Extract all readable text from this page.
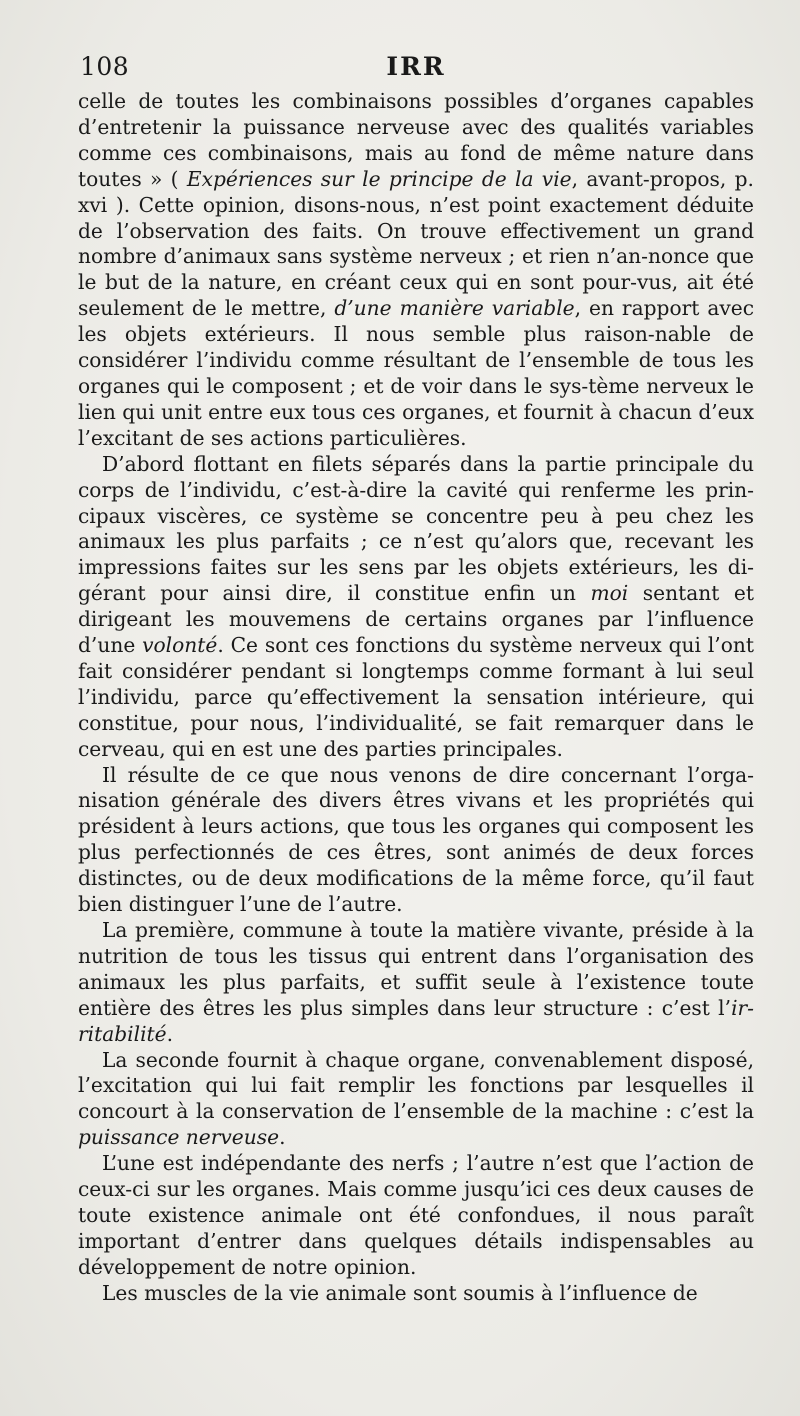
108	IRR

celle de toutes les combinaisons possibles d’organes capables d’entretenir la puissance nerveuse avec des qualités variables comme ces combinaisons, mais au fond de même nature dans toutes » ( Expériences sur le principe de la vie, avant-propos, p. xvi ). Cette opinion, disons-nous, n’est point exactement déduite de l’observation des faits. On trouve effectivement un grand nombre d’animaux sans système nerveux ; et rien n’an-nonce que le but de la nature, en créant ceux qui en sont pour-vus, ait été seulement de le mettre, d’une manière variable, en rapport avec les objets extérieurs. Il nous semble plus raison-nable de considérer l’individu comme résultant de l’ensemble de tous les organes qui le composent ; et de voir dans le sys-tème nerveux le lien qui unit entre eux tous ces organes, et fournit à chacun d’eux l’excitant de ses actions particulières.

D’abord flottant en filets séparés dans la partie principale du corps de l’individu, c’est-à-dire la cavité qui renferme les prin-cipaux viscères, ce système se concentre peu à peu chez les animaux les plus parfaits ; ce n’est qu’alors que, recevant les impressions faites sur les sens par les objets extérieurs, les di-gérant pour ainsi dire, il constitue enfin un moi sentant et dirigeant les mouvemens de certains organes par l’influence d’une volonté. Ce sont ces fonctions du système nerveux qui l’ont fait considérer pendant si longtemps comme formant à lui seul l’individu, parce qu’effectivement la sensation intérieure, qui constitue, pour nous, l’individualité, se fait remarquer dans le cerveau, qui en est une des parties principales.

Il résulte de ce que nous venons de dire concernant l’orga-nisation générale des divers êtres vivans et les propriétés qui président à leurs actions, que tous les organes qui composent les plus perfectionnés de ces êtres, sont animés de deux forces distinctes, ou de deux modifications de la même force, qu’il faut bien distinguer l’une de l’autre.

La première, commune à toute la matière vivante, préside à la nutrition de tous les tissus qui entrent dans l’organisation des animaux les plus parfaits, et suffit seule à l’existence toute entière des êtres les plus simples dans leur structure : c’est l’ir-ritabilité.

La seconde fournit à chaque organe, convenablement disposé, l’excitation qui lui fait remplir les fonctions par lesquelles il concourt à la conservation de l’ensemble de la machine : c’est la puissance nerveuse.

L’une est indépendante des nerfs ; l’autre n’est que l’action de ceux-ci sur les organes. Mais comme jusqu’ici ces deux causes de toute existence animale ont été confondues, il nous paraît important d’entrer dans quelques détails indispensables au développement de notre opinion.

Les muscles de la vie animale sont soumis à l’influence de
